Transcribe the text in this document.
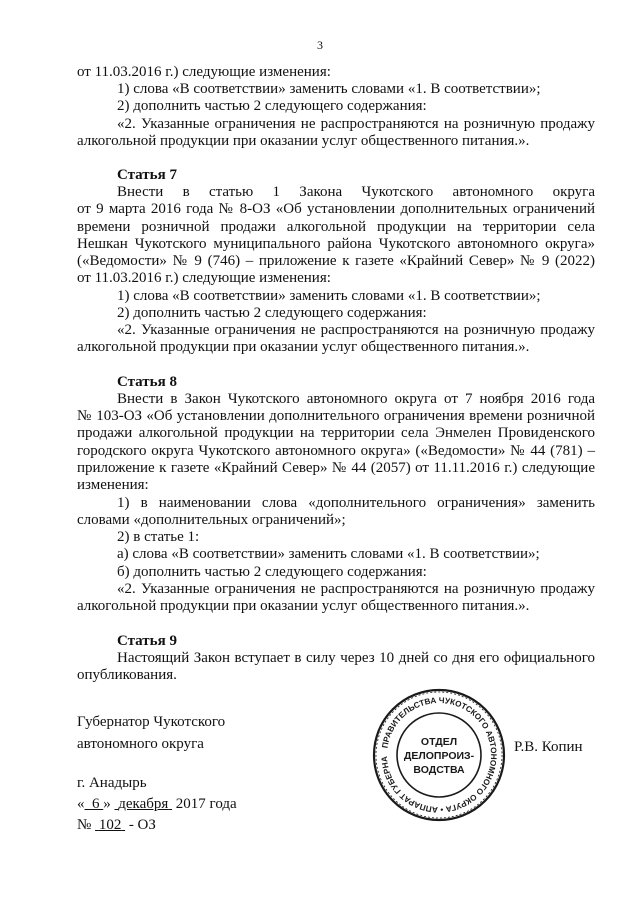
3
от 11.03.2016 г.) следующие изменения:
1) слова «В соответствии» заменить словами «1. В соответствии»;
2) дополнить частью 2 следующего содержания:
«2. Указанные ограничения не распространяются на розничную продажу
алкогольной продукции при оказании услуг общественного питания.».
Статья 7
Внести в статью 1 Закона Чукотского автономного округа
от 9 марта 2016 года № 8-ОЗ «Об установлении дополнительных ограничений
времени розничной продажи алкогольной продукции на территории села
Нешкан Чукотского муниципального района Чукотского автономного округа»
(«Ведомости» № 9 (746) – приложение к газете «Крайний Север» № 9 (2022)
от 11.03.2016 г.) следующие изменения:
1) слова «В соответствии» заменить словами «1. В соответствии»;
2) дополнить частью 2 следующего содержания:
«2. Указанные ограничения не распространяются на розничную продажу
алкогольной продукции при оказании услуг общественного питания.».
Статья 8
Внести в Закон Чукотского автономного округа от 7 ноября 2016 года
№ 103-ОЗ «Об установлении дополнительного ограничения времени розничной
продажи алкогольной продукции на территории села Энмелен Провиденского
городского округа Чукотского автономного округа» («Ведомости» № 44 (781) –
приложение к газете «Крайний Север» № 44 (2057) от 11.11.2016 г.) следующие
изменения:
1) в наименовании слова «дополнительного ограничения» заменить
словами «дополнительных ограничений»;
2) в статье 1:
а) слова «В соответствии» заменить словами «1. В соответствии»;
б) дополнить частью 2 следующего содержания:
«2. Указанные ограничения не распространяются на розничную продажу
алкогольной продукции при оказании услуг общественного питания.».
Статья 9
Настоящий Закон вступает в силу через 10 дней со дня его официального
опубликования.
Губернатор Чукотского
автономного округа	Р.В. Копин
г. Анадырь
« 6 » декабря 2017 года
№ 102 - ОЗ
ПРАВИТЕЛЬСТВА ЧУКОТСКОГО АВТОНОМНОГО ОКРУГА • АППАРАТ ГУБЕРНА
ОТДЕЛ
ДЕЛОПРОИЗ-
ВОДСТВА
